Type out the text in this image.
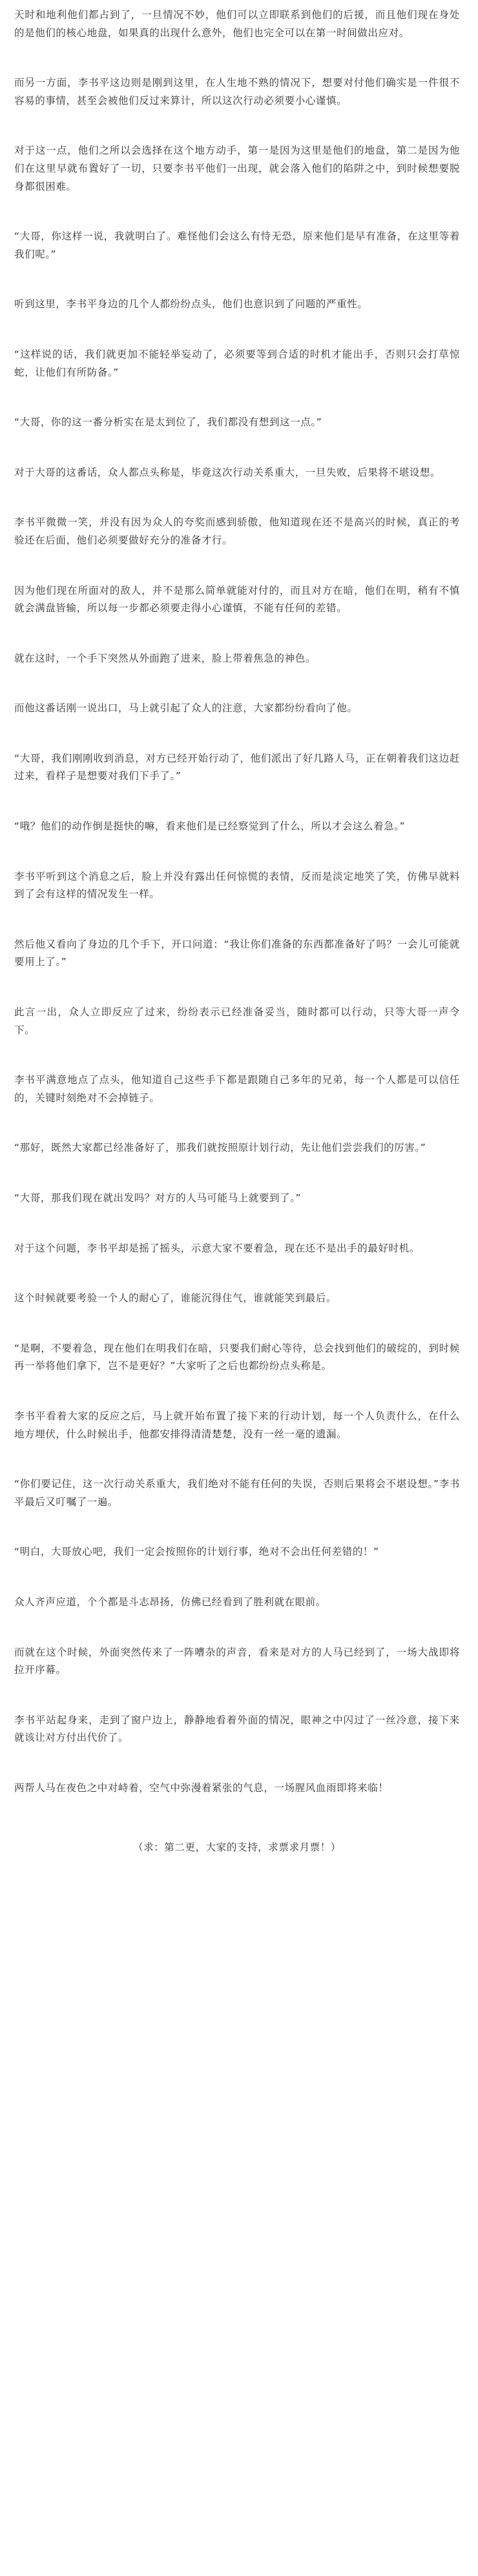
天时和地利他们都占到了，一旦情况不妙，他们可以立即联系到他们的后援，而且他们现在身处的是他们的核心地盘，如果真的出现什么意外，他们也完全可以在第一时间做出应对。

而另一方面，李书平这边则是刚到这里，在人生地不熟的情况下，想要对付他们确实是一件很不容易的事情，甚至会被他们反过来算计，所以这次行动必须要小心谨慎。

对于这一点，他们之所以会选择在这个地方动手，第一是因为这里是他们的地盘，第二是因为他们在这里早就布置好了一切，只要李书平他们一出现，就会落入他们的陷阱之中，到时候想要脱身都很困难。

“大哥，你这样一说，我就明白了。难怪他们会这么有恃无恐，原来他们是早有准备，在这里等着我们呢。”

听到这里，李书平身边的几个人都纷纷点头，他们也意识到了问题的严重性。

“这样说的话，我们就更加不能轻举妄动了，必须要等到合适的时机才能出手，否则只会打草惊蛇，让他们有所防备。”

“大哥，你的这一番分析实在是太到位了，我们都没有想到这一点。”

对于大哥的这番话，众人都点头称是，毕竟这次行动关系重大，一旦失败，后果将不堪设想。

李书平微微一笑，并没有因为众人的夸奖而感到骄傲，他知道现在还不是高兴的时候，真正的考验还在后面，他们必须要做好充分的准备才行。

因为他们现在所面对的敌人，并不是那么简单就能对付的，而且对方在暗，他们在明，稍有不慎就会满盘皆输，所以每一步都必须要走得小心谨慎，不能有任何的差错。

就在这时，一个手下突然从外面跑了进来，脸上带着焦急的神色。

而他这番话刚一说出口，马上就引起了众人的注意，大家都纷纷看向了他。

“大哥，我们刚刚收到消息，对方已经开始行动了，他们派出了好几路人马，正在朝着我们这边赶过来，看样子是想要对我们下手了。”

“哦？他们的动作倒是挺快的嘛，看来他们是已经察觉到了什么，所以才会这么着急。”

李书平听到这个消息之后，脸上并没有露出任何惊慌的表情，反而是淡定地笑了笑，仿佛早就料到了会有这样的情况发生一样。

然后他又看向了身边的几个手下，开口问道：“我让你们准备的东西都准备好了吗？一会儿可能就要用上了。”

此言一出，众人立即反应了过来，纷纷表示已经准备妥当，随时都可以行动，只等大哥一声令下。

李书平满意地点了点头，他知道自己这些手下都是跟随自己多年的兄弟，每一个人都是可以信任的，关键时刻绝对不会掉链子。

“那好，既然大家都已经准备好了，那我们就按照原计划行动，先让他们尝尝我们的厉害。”

“大哥，那我们现在就出发吗？对方的人马可能马上就要到了。”

对于这个问题，李书平却是摇了摇头，示意大家不要着急，现在还不是出手的最好时机。

这个时候就要考验一个人的耐心了，谁能沉得住气，谁就能笑到最后。

“是啊，不要着急，现在他们在明我们在暗，只要我们耐心等待，总会找到他们的破绽的，到时候再一举将他们拿下，岂不是更好？”大家听了之后也都纷纷点头称是。

李书平看着大家的反应之后，马上就开始布置了接下来的行动计划，每一个人负责什么，在什么地方埋伏，什么时候出手，他都安排得清清楚楚，没有一丝一毫的遗漏。

“你们要记住，这一次行动关系重大，我们绝对不能有任何的失误，否则后果将会不堪设想。”李书平最后又叮嘱了一遍。

“明白，大哥放心吧，我们一定会按照你的计划行事，绝对不会出任何差错的！”

众人齐声应道，个个都是斗志昂扬，仿佛已经看到了胜利就在眼前。

而就在这个时候，外面突然传来了一阵嘈杂的声音，看来是对方的人马已经到了，一场大战即将拉开序幕。

李书平站起身来，走到了窗户边上，静静地看着外面的情况，眼神之中闪过了一丝冷意，接下来就该让对方付出代价了。

两帮人马在夜色之中对峙着，空气中弥漫着紧张的气息，一场腥风血雨即将来临！

（求：第二更，大家的支持，求票求月票！）
